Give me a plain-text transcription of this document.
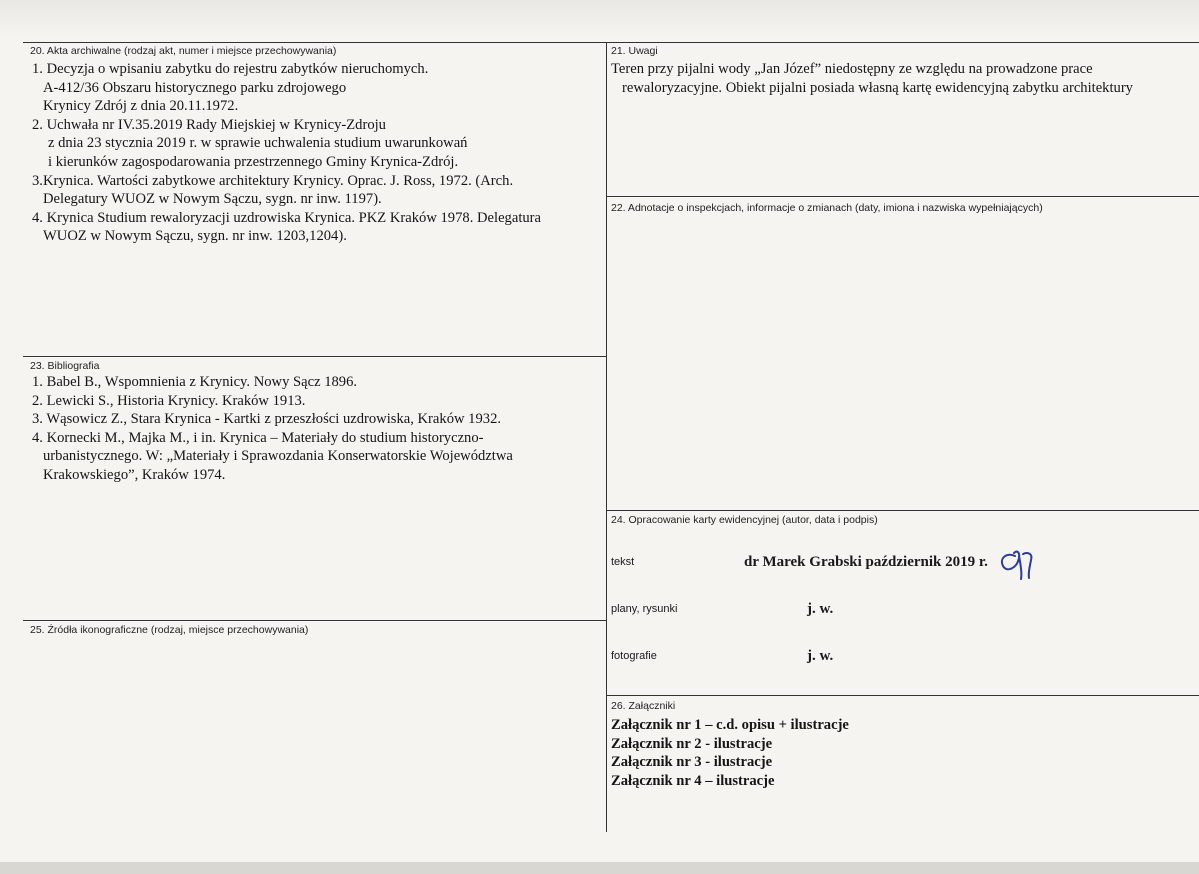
20. Akta archiwalne (rodzaj akt, numer i miejsce przechowywania)
1. Decyzja o wpisaniu zabytku do rejestru zabytków nieruchomych.
A-412/36 Obszaru historycznego parku zdrojowego
Krynicy Zdrój z dnia 20.11.1972.
2. Uchwała nr IV.35.2019 Rady Miejskiej w Krynicy-Zdroju
z dnia 23 stycznia 2019 r. w sprawie uchwalenia studium uwarunkowań
i kierunków zagospodarowania przestrzennego Gminy Krynica-Zdrój.
3.Krynica. Wartości zabytkowe architektury Krynicy. Oprac. J. Ross, 1972. (Arch.
Delegatury WUOZ w Nowym Sączu, sygn. nr inw. 1197).
4. Krynica Studium rewaloryzacji uzdrowiska Krynica. PKZ Kraków 1978. Delegatura
WUOZ w Nowym Sączu, sygn. nr inw. 1203,1204).
21. Uwagi
Teren przy pijalni wody „Jan Józef” niedostępny ze względu na prowadzone prace
rewaloryzacyjne. Obiekt pijalni posiada własną kartę ewidencyjną zabytku architektury
22. Adnotacje o inspekcjach, informacje o zmianach (daty, imiona i nazwiska wypełniających)
23. Bibliografia
1. Babel B., Wspomnienia z Krynicy. Nowy Sącz 1896.
2. Lewicki S., Historia Krynicy. Kraków 1913.
3. Wąsowicz Z., Stara Krynica - Kartki z przeszłości uzdrowiska, Kraków 1932.
4. Kornecki M., Majka M., i in. Krynica – Materiały do studium historyczno-
urbanistycznego. W: „Materiały i Sprawozdania Konserwatorskie Województwa
Krakowskiego”, Kraków 1974.
24. Opracowanie karty ewidencyjnej (autor, data i podpis)
tekst	dr Marek Grabski październik 2019 r.
plany, rysunki	j. w.
fotografie	j. w.
25. Źródła ikonograficzne (rodzaj, miejsce przechowywania)
26. Załączniki
Załącznik nr 1 – c.d. opisu + ilustracje
Załącznik nr 2 - ilustracje
Załącznik nr 3 - ilustracje
Załącznik nr 4 – ilustracje
